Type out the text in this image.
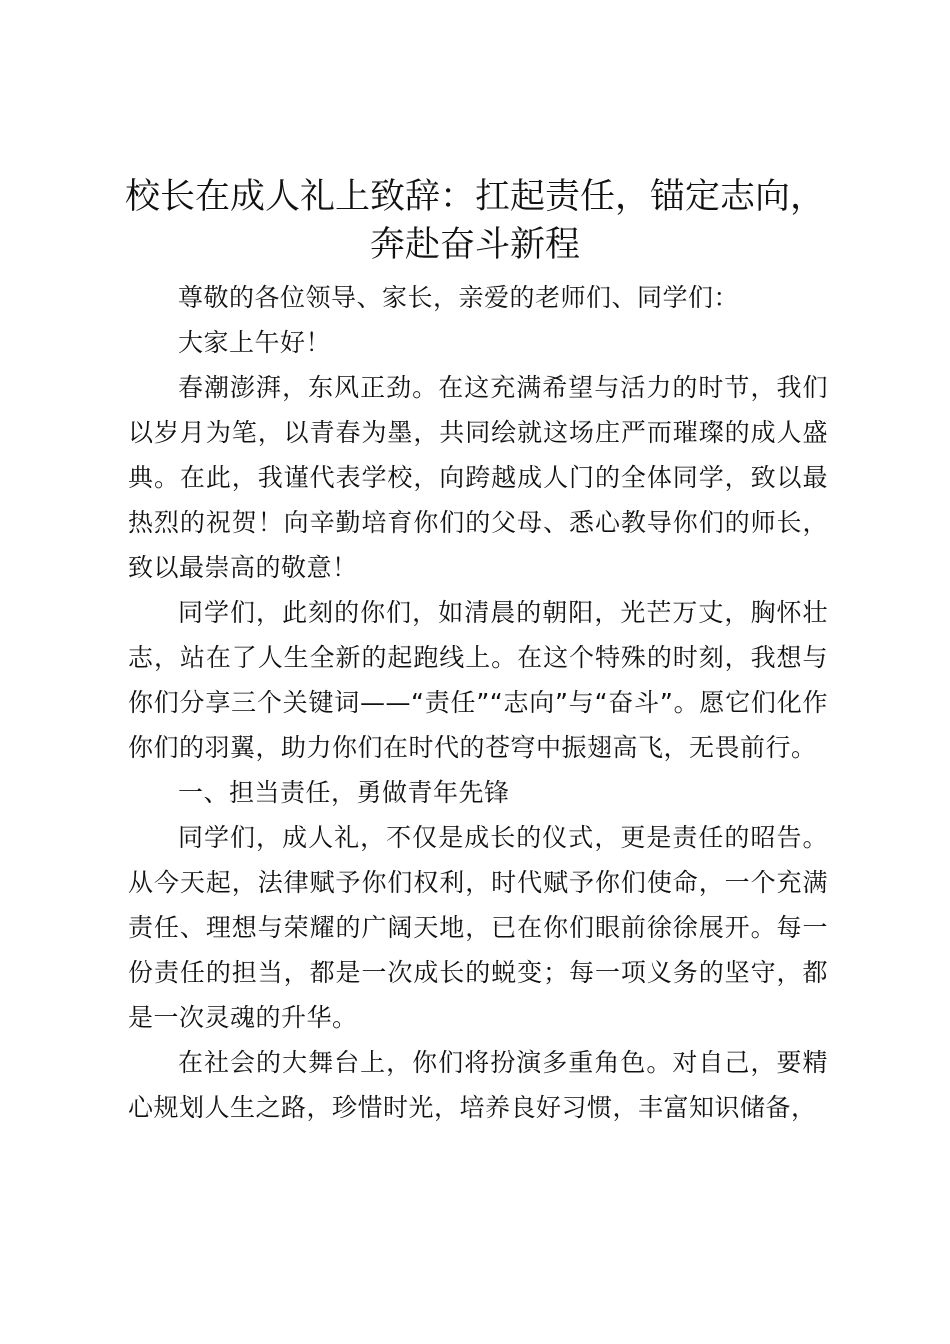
校长在成人礼上致辞：扛起责任，锚定志向，
奔赴奋斗新程

尊敬的各位领导、家长，亲爱的老师们、同学们：

大家上午好！

春潮澎湃，东风正劲。在这充满希望与活力的时节，我们以岁月为笔，以青春为墨，共同绘就这场庄严而璀璨的成人盛典。在此，我谨代表学校，向跨越成人门的全体同学，致以最热烈的祝贺！向辛勤培育你们的父母、悉心教导你们的师长，致以最崇高的敬意！

同学们，此刻的你们，如清晨的朝阳，光芒万丈，胸怀壮志，站在了人生全新的起跑线上。在这个特殊的时刻，我想与你们分享三个关键词——“责任”“志向”与“奋斗”。愿它们化作你们的羽翼，助力你们在时代的苍穹中振翅高飞，无畏前行。

一、担当责任，勇做青年先锋

同学们，成人礼，不仅是成长的仪式，更是责任的昭告。从今天起，法律赋予你们权利，时代赋予你们使命，一个充满责任、理想与荣耀的广阔天地，已在你们眼前徐徐展开。每一份责任的担当，都是一次成长的蜕变；每一项义务的坚守，都是一次灵魂的升华。

在社会的大舞台上，你们将扮演多重角色。对自己，要精心规划人生之路，珍惜时光，培养良好习惯，丰富知识储备，
